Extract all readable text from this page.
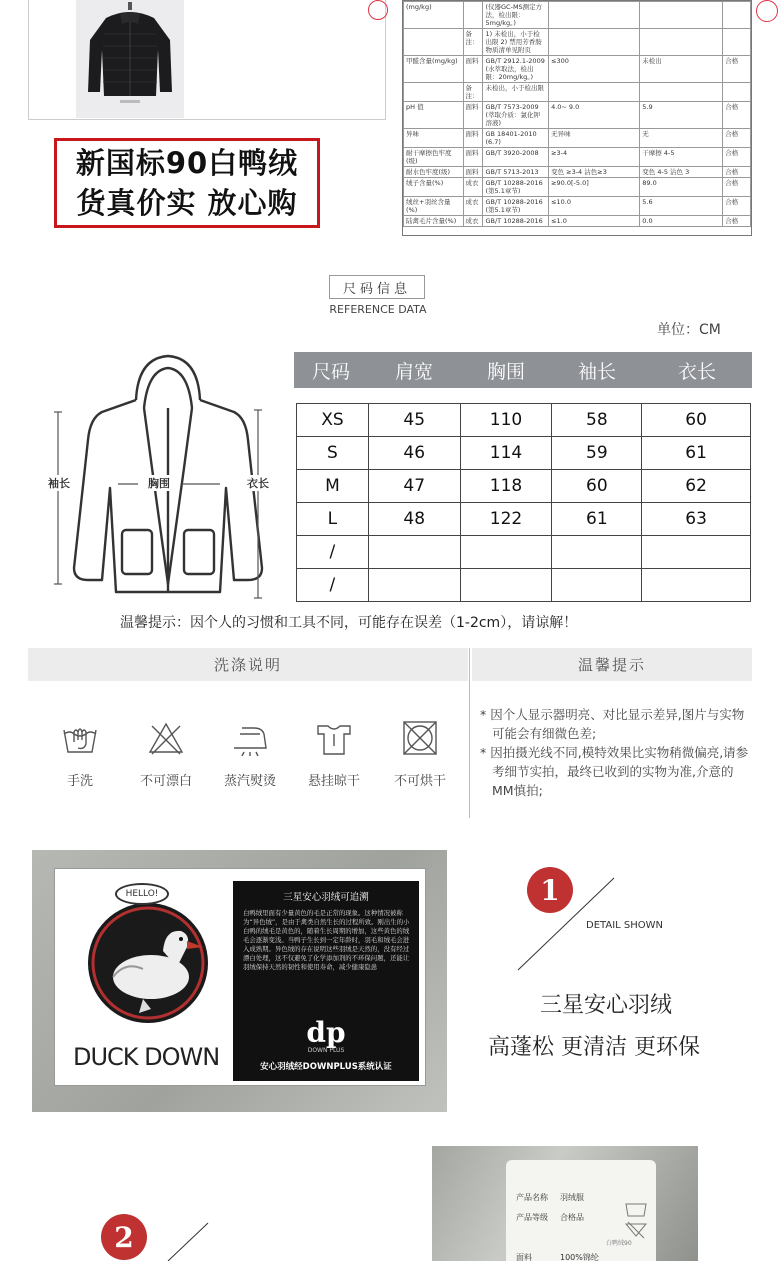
新国标90白鸭绒
货真价实 放心购
(mg/kg)		(仪器GC-MS测定方法，检出限：5mg/kg。)			
	备注：	1) 未检出，小于检出限 2) 禁用芳香胺物质清单见附页			
甲醛含量(mg/kg)	面料	GB/T 2912.1-2009 (水萃取法，检出限：20mg/kg。)	≤300	未检出	合格
	备注：	未检出，小于检出限			
pH 值	面料	GB/T 7573-2009 (萃取介质：氯化钾溶液)	4.0~ 9.0	5.9	合格
异味	面料	GB 18401-2010 (6.7)	无异味	无	合格
耐干摩擦色牢度(级)	面料	GB/T 3920-2008	≥3-4	干摩擦 4-5	合格
耐水色牢度(级)	面料	GB/T 5713-2013	变色 ≥3-4 沾色≥3	变色 4-5 沾色 3	合格
绒子含量(%)	成衣	GB/T 10288-2016 (第5.1章节)	≥90.0[-5.0]	89.0	合格
绒丝+羽丝含量(%)	成衣	GB/T 10288-2016 (第5.1章节)	≤10.0	5.6	合格
陆禽毛片含量(%)	成衣	GB/T 10288-2016	≤1.0	0.0	合格
尺码信息
REFERENCE DATA
单位：CM
袖长	胸围	衣长
尺码	肩宽	胸围	袖长	衣长
XS	45	110	58	60
S	46	114	59	61
M	47	118	60	62
L	48	122	61	63
/				
/				
温馨提示：因个人的习惯和工具不同，可能存在误差（1-2cm），请谅解！
洗涤说明	温馨提示
手洗	不可漂白	蒸汽熨烫	悬挂晾干	不可烘干

* 因个人显示器明亮、对比显示差异,图片与实物可能会有细微色差;

* 因拍摄光线不同,模特效果比实物稍微偏亮,请参考细节实拍，最终已收到的实物为准,介意的MM慎拍;

HELLO!
DUCK DOWN
三星安心羽绒可追溯
白鸭绒里面有少量黄色的毛是正常的现象。这种情况被称为“异色绒”，是由于禽类自然生长的过程所致。刚出生的小白鸭的绒毛是黄色的，随着生长周期的增加，这些黄色的绒毛会逐渐变浅。当鸭子生长到一定年龄时，羽毛和绒毛会进入成熟期。异色绒的存在说明这些羽绒是天然的，没有经过漂白处理，这不仅避免了化学添加剂的不环保问题，还能让羽绒保持天然的韧性和使用寿命，减少健康隐患
dp
DOWN PLUS
安心羽绒经DOWNPLUS系统认证
1
DETAIL SHOWN
三星安心羽绒
高蓬松 更清洁 更环保
2
产品名称 羽绒服
产品等级 合格品
面料	100%锦纶
白鸭绒90
